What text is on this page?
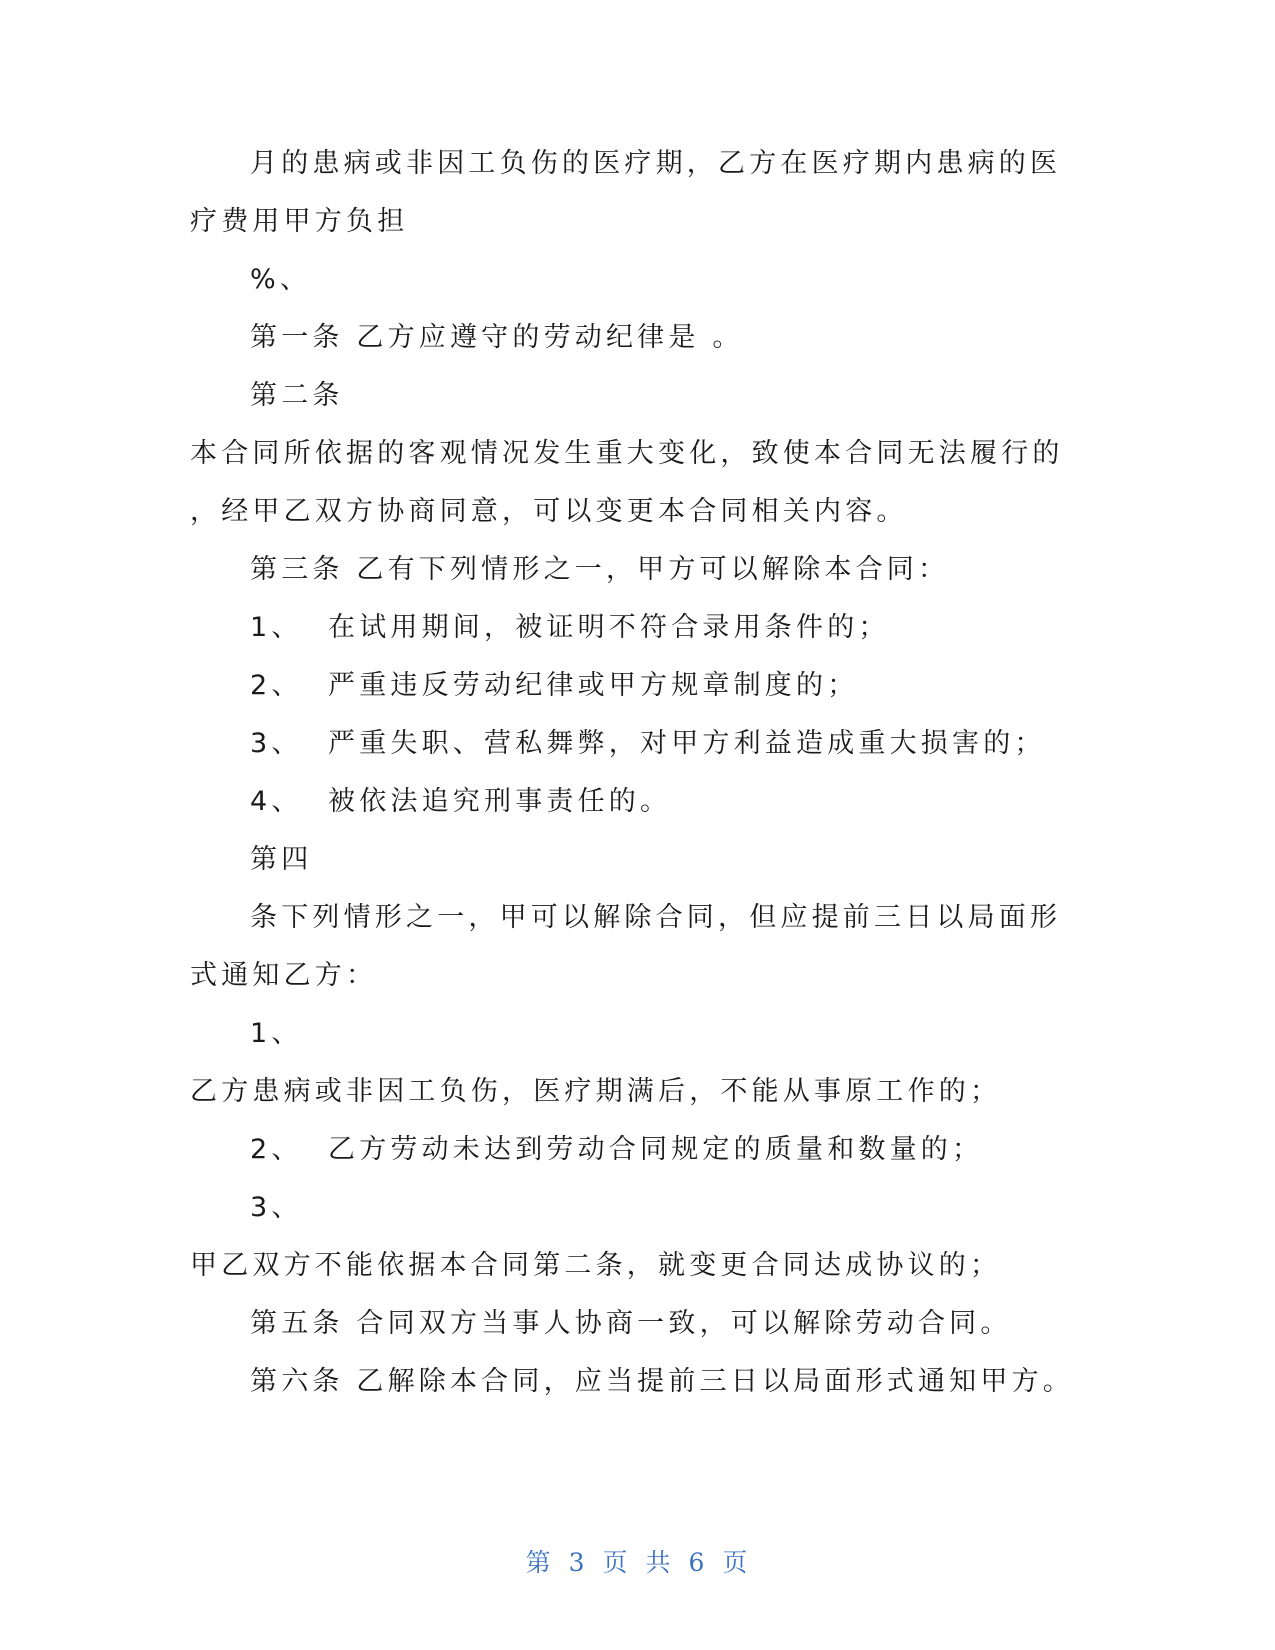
月的患病或非因工负伤的医疗期，乙方在医疗期内患病的医
疗费用甲方负担
%、
第一条 乙方应遵守的劳动纪律是 。
第二条
本合同所依据的客观情况发生重大变化，致使本合同无法履行的
，经甲乙双方协商同意，可以变更本合同相关内容。
第三条 乙有下列情形之一，甲方可以解除本合同：
1、 在试用期间，被证明不符合录用条件的；
2、 严重违反劳动纪律或甲方规章制度的；
3、 严重失职、营私舞弊，对甲方利益造成重大损害的；
4、 被依法追究刑事责任的。
第四
条下列情形之一，甲可以解除合同，但应提前三日以局面形
式通知乙方：
1、
乙方患病或非因工负伤，医疗期满后，不能从事原工作的；
2、 乙方劳动未达到劳动合同规定的质量和数量的；
3、
甲乙双方不能依据本合同第二条，就变更合同达成协议的；
第五条 合同双方当事人协商一致，可以解除劳动合同。
第六条 乙解除本合同，应当提前三日以局面形式通知甲方。
第 3 页 共 6 页
